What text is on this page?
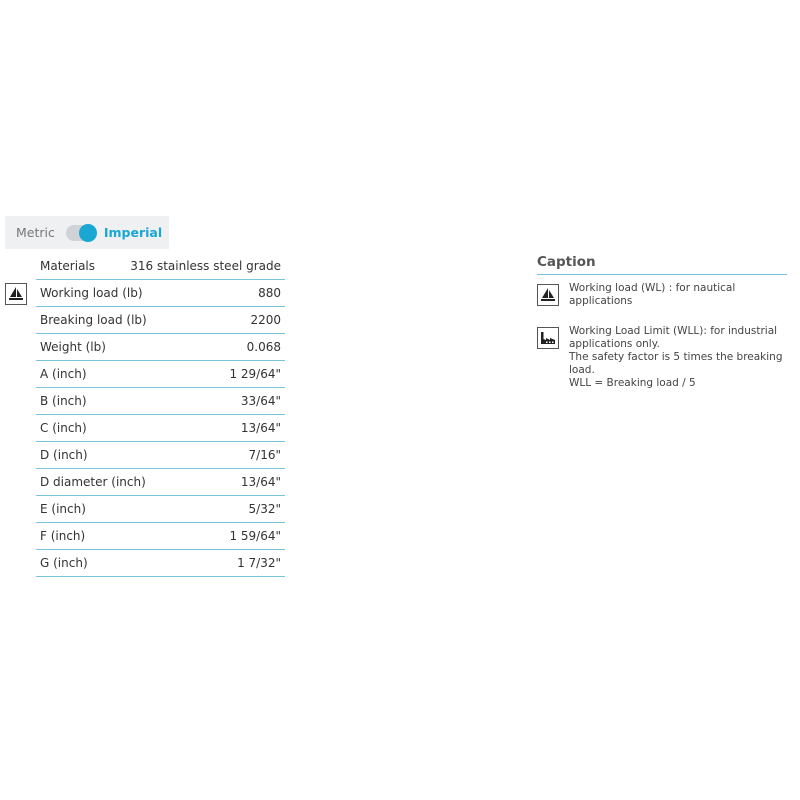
Metric	Imperial
Materials	316 stainless steel grade
Working load (lb)	880
Breaking load (lb)	2200
Weight (lb)	0.068
A (inch)	1 29/64"
B (inch)	33/64"
C (inch)	13/64"
D (inch)	7/16"
D diameter (inch)	13/64"
E (inch)	5/32"
F (inch)	1 59/64"
G (inch)	1 7/32"
Caption
Working load (WL) : for nautical
applications
Working Load Limit (WLL): for industrial
applications only.
The safety factor is 5 times the breaking
load.
WLL = Breaking load / 5
